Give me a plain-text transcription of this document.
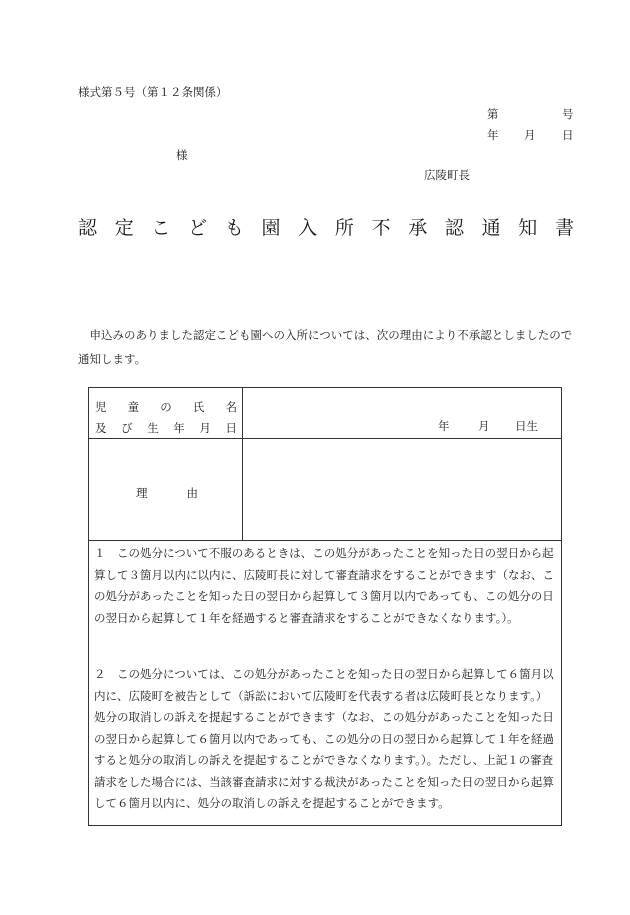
様式第５号（第１２条関係）
第	号
年 月 日
様
広陵町長
認 定 こ ど も 園 入 所 不 承 認 通 知 書
　申込みのありました認定こども園への入所については、次の理由により不承認としましたので通知します。
児 童 の 氏 名
及 び 生 年 月 日	年 月 日生
理	由
１　この処分について不服のあるときは、この処分があったことを知った日の翌日から起算して３箇月以内に以内に、広陵町長に対して審査請求をすることができます（なお、この処分があったことを知った日の翌日から起算して３箇月以内であっても、この処分の日の翌日から起算して１年を経過すると審査請求をすることができなくなります。）。
２　この処分については、この処分があったことを知った日の翌日から起算して６箇月以内に、広陵町を被告として（訴訟において広陵町を代表する者は広陵町長となります。）処分の取消しの訴えを提起することができます（なお、この処分があったことを知った日の翌日から起算して６箇月以内であっても、この処分の日の翌日から起算して１年を経過すると処分の取消しの訴えを提起することができなくなります。）。ただし、上記１の審査請求をした場合には、当該審査請求に対する裁決があったことを知った日の翌日から起算して６箇月以内に、処分の取消しの訴えを提起することができます。
